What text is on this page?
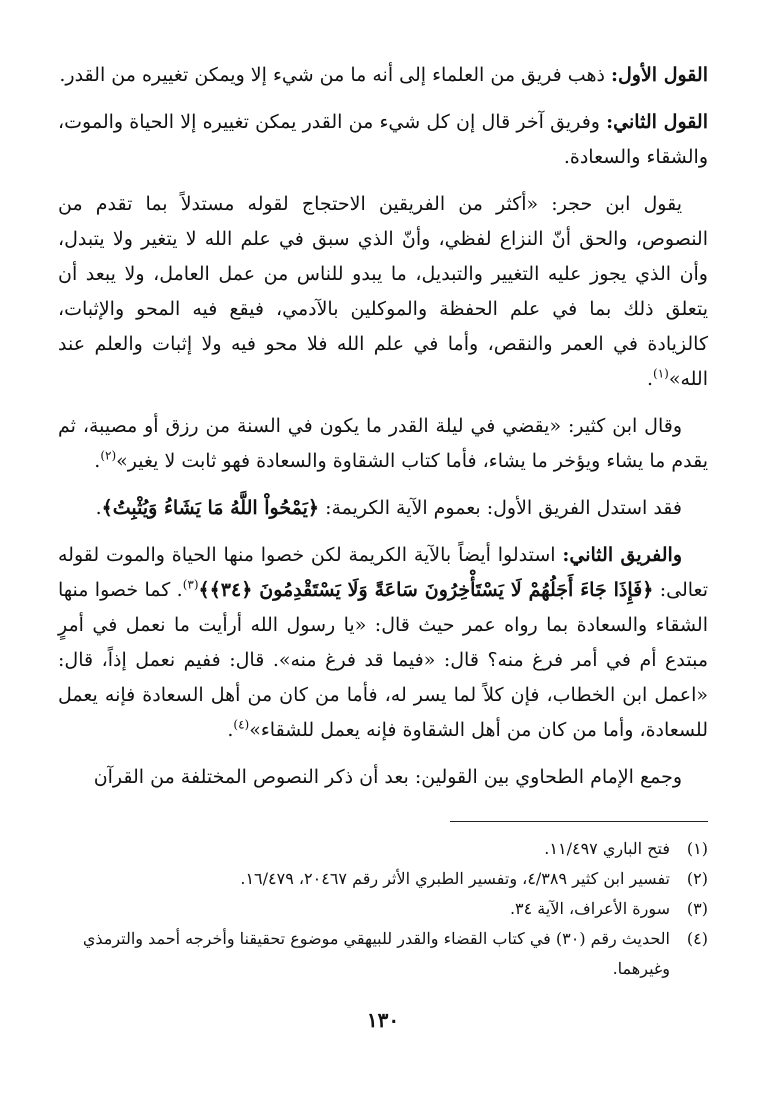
القول الأول: ذهب فريق من العلماء إلى أنه ما من شيء إلا ويمكن تغييره من القدر.

القول الثاني: وفريق آخر قال إن كل شيء من القدر يمكن تغييره إلا الحياة والموت، والشقاء والسعادة.

يقول ابن حجر: «أكثر من الفريقين الاحتجاج لقوله مستدلاً بما تقدم من النصوص، والحق أنّ النزاع لفظي، وأنّ الذي سبق في علم الله لا يتغير ولا يتبدل، وأن الذي يجوز عليه التغيير والتبديل، ما يبدو للناس من عمل العامل، ولا يبعد أن يتعلق ذلك بما في علم الحفظة والموكلين بالآدمي، فيقع فيه المحو والإثبات، كالزيادة في العمر والنقص، وأما في علم الله فلا محو فيه ولا إثبات والعلم عند الله»$^{(١)}$.

وقال ابن كثير: «يقضي في ليلة القدر ما يكون في السنة من رزق أو مصيبة، ثم يقدم ما يشاء ويؤخر ما يشاء، فأما كتاب الشقاوة والسعادة فهو ثابت لا يغير»$^{(٢)}$.

فقد استدل الفريق الأول: بعموم الآية الكريمة: ﴿يَمْحُواْ اللَّهُ مَا يَشَاءُ وَيُثْبِتُ﴾.

والفريق الثاني: استدلوا أيضاً بالآية الكريمة لكن خصوا منها الحياة والموت لقوله تعالى: ﴿فَإِذَا جَاءَ أَجَلُهُمْ لَا يَسْتَأْخِرُونَ سَاعَةً وَلَا يَسْتَقْدِمُونَ ﴿٣٤﴾﴾$^{(٣)}$. كما خصوا منها الشقاء والسعادة بما رواه عمر حيث قال: «يا رسول الله أرأيت ما نعمل في أمرٍ مبتدع أم في أمر فرغ منه؟ قال: «فيما قد فرغ منه». قال: ففيم نعمل إذاً، قال: «اعمل ابن الخطاب، فإن كلاً لما يسر له، فأما من كان من أهل السعادة فإنه يعمل للسعادة، وأما من كان من أهل الشقاوة فإنه يعمل للشقاء»$^{(٤)}$.

وجمع الإمام الطحاوي بين القولين: بعد أن ذكر النصوص المختلفة من القرآن

(١)
فتح الباري ١١/٤٩٧.
(٢)
تفسير ابن كثير ٤/٣٨٩، وتفسير الطبري الأثر رقم ٢٠٤٦٧، ١٦/٤٧٩.
(٣)
سورة الأعراف، الآية ٣٤.
(٤)
الحديث رقم (٣٠) في كتاب القضاء والقدر للبيهقي موضوع تحقيقنا وأخرجه أحمد والترمذي وغيرهما.
١٣٠
